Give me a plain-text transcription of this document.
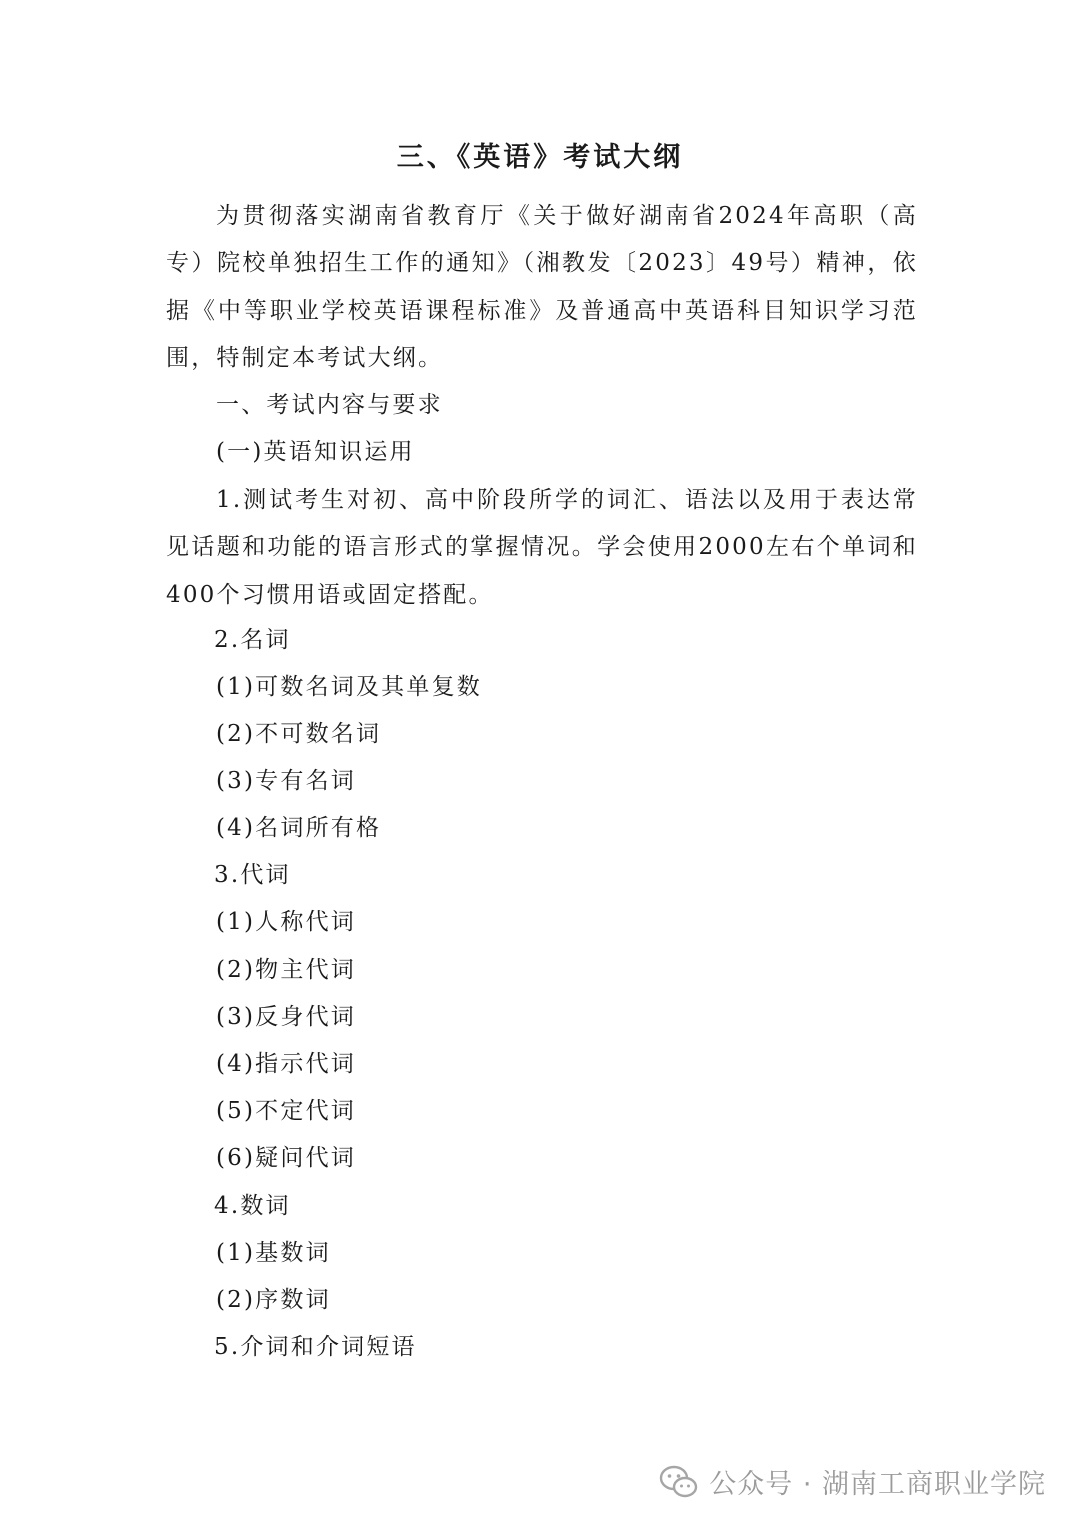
三、《英语》考试大纲

为贯彻落实湖南省教育厅《关于做好湖南省2024年高职（高专）院校单独招生工作的通知》（湘教发〔2023〕49号）精神，依据《中等职业学校英语课程标准》及普通高中英语科目知识学习范围，特制定本考试大纲。

一、考试内容与要求
(一)英语知识运用

1.测试考生对初、高中阶段所学的词汇、语法以及用于表达常见话题和功能的语言形式的掌握情况。学会使用2000左右个单词和400个习惯用语或固定搭配。

2.名词
(1)可数名词及其单复数
(2)不可数名词
(3)专有名词
(4)名词所有格
3.代词
(1)人称代词
(2)物主代词
(3)反身代词
(4)指示代词
(5)不定代词
(6)疑问代词
4.数词
(1)基数词
(2)序数词
5.介词和介词短语
公众号 · 湖南工商职业学院
